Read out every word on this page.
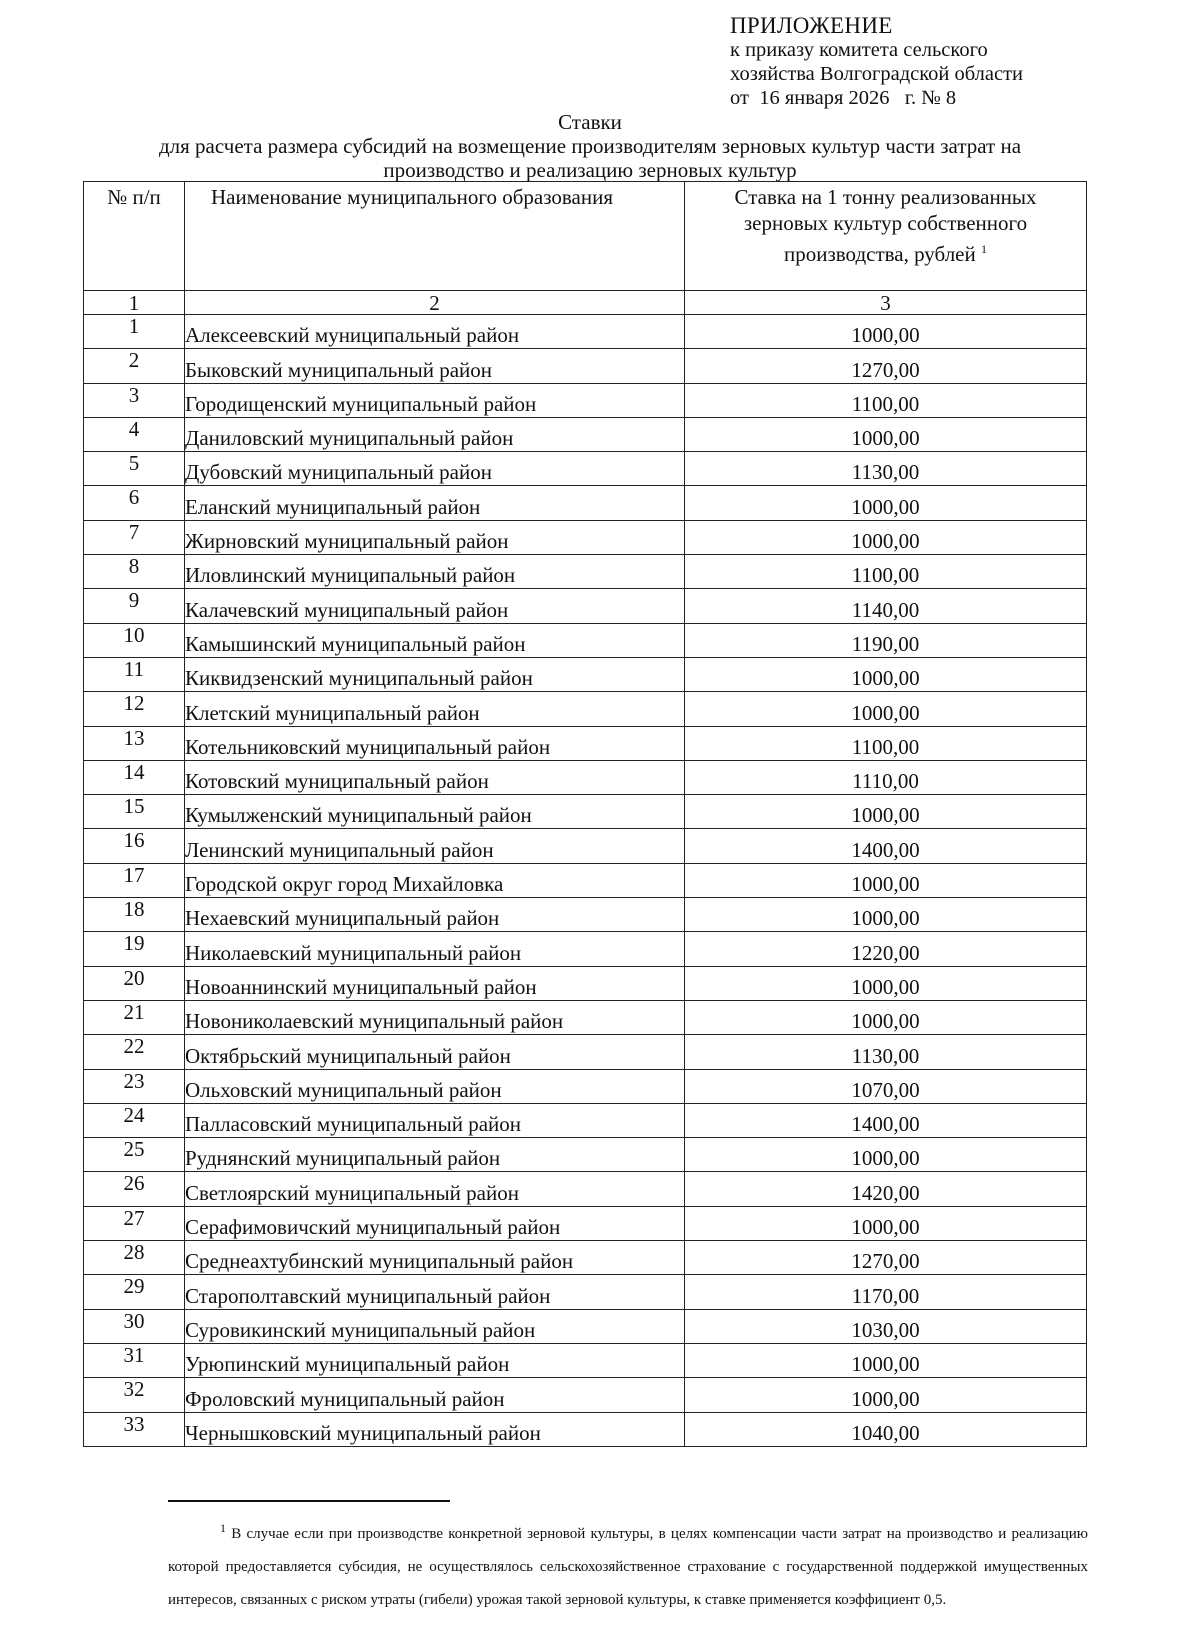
ПРИЛОЖЕНИЕ
к приказу комитета сельского
хозяйства Волгоградской области
от  16 января 2026   г. № 8
Ставки
для расчета размера субсидий на возмещение производителям зерновых культур части затрат на
производство и реализацию зерновых культур
№ п/п	Наименование муниципального образования	Ставка на 1 тонну реализованных зерновых культур собственного производства, рублей $^1$
1	2	3
1	Алексеевский муниципальный район	1000,00
2	Быковский муниципальный район	1270,00
3	Городищенский муниципальный район	1100,00
4	Даниловский муниципальный район	1000,00
5	Дубовский муниципальный район	1130,00
6	Еланский муниципальный район	1000,00
7	Жирновский муниципальный район	1000,00
8	Иловлинский муниципальный район	1100,00
9	Калачевский муниципальный район	1140,00
10	Камышинский муниципальный район	1190,00
11	Киквидзенский муниципальный район	1000,00
12	Клетский муниципальный район	1000,00
13	Котельниковский муниципальный район	1100,00
14	Котовский муниципальный район	1110,00
15	Кумылженский муниципальный район	1000,00
16	Ленинский муниципальный район	1400,00
17	Городской округ город Михайловка	1000,00
18	Нехаевский муниципальный район	1000,00
19	Николаевский муниципальный район	1220,00
20	Новоаннинский муниципальный район	1000,00
21	Новониколаевский муниципальный район	1000,00
22	Октябрьский муниципальный район	1130,00
23	Ольховский муниципальный район	1070,00
24	Палласовский муниципальный район	1400,00
25	Руднянский муниципальный район	1000,00
26	Светлоярский муниципальный район	1420,00
27	Серафимовичский муниципальный район	1000,00
28	Среднеахтубинский муниципальный район	1270,00
29	Старополтавский муниципальный район	1170,00
30	Суровикинский муниципальный район	1030,00
31	Урюпинский муниципальный район	1000,00
32	Фроловский муниципальный район	1000,00
33	Чернышковский муниципальный район	1040,00
$^1$ В случае если при производстве конкретной зерновой культуры, в целях компенсации части затрат на производство и реализацию которой предоставляется субсидия, не осуществлялось сельскохозяйственное страхование с государственной поддержкой имущественных интересов, связанных с риском утраты (гибели) урожая такой зерновой культуры, к ставке применяется коэффициент 0,5.
